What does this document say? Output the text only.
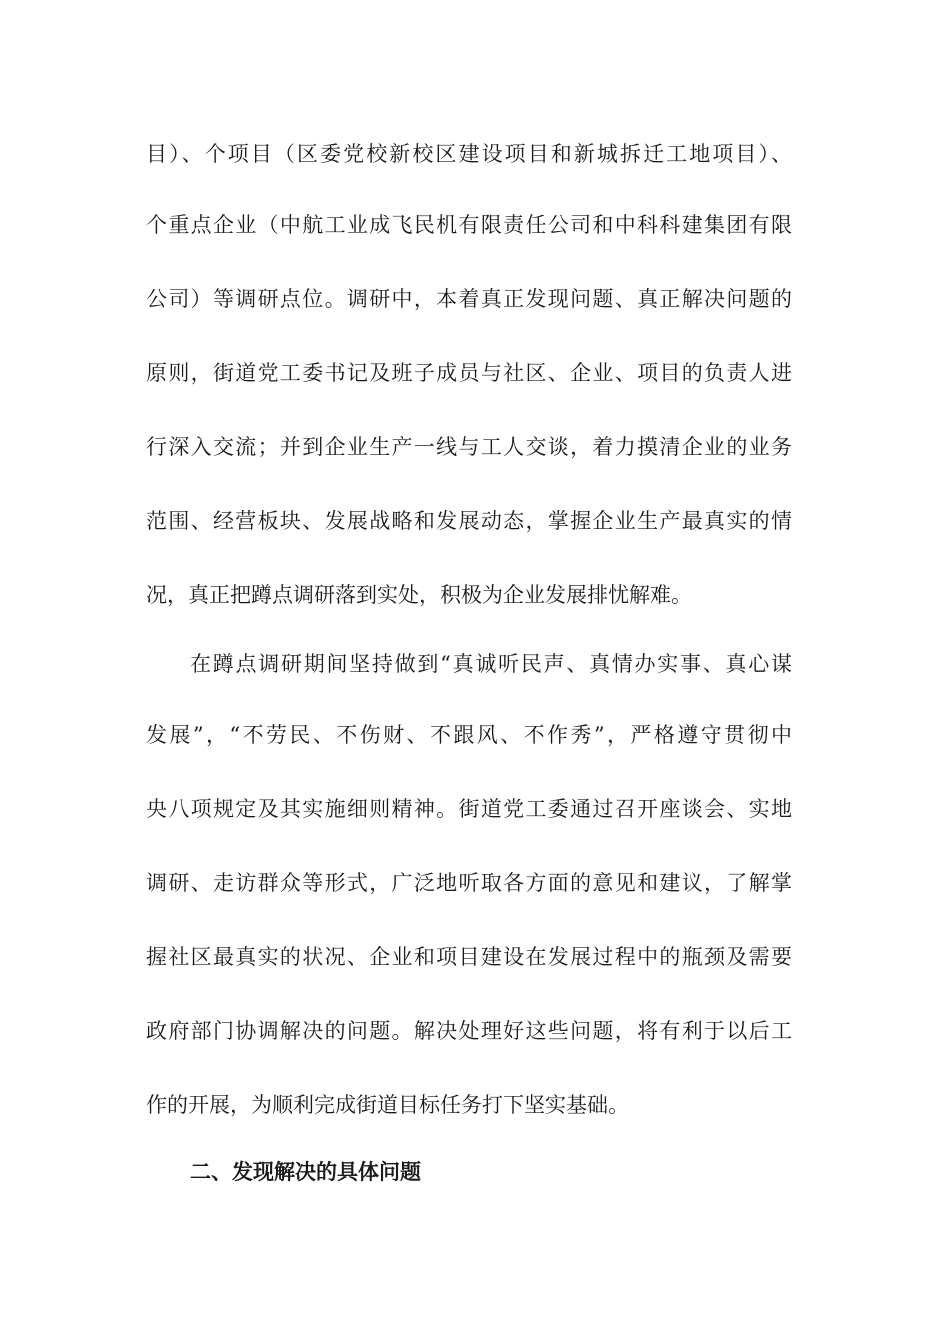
目）、个项目（区委党校新校区建设项目和新城拆迁工地项目）、
个重点企业（中航工业成飞民机有限责任公司和中科科建集团有限
公司）等调研点位。调研中，本着真正发现问题、真正解决问题的
原则，街道党工委书记及班子成员与社区、企业、项目的负责人进
行深入交流；并到企业生产一线与工人交谈，着力摸清企业的业务
范围、经营板块、发展战略和发展动态，掌握企业生产最真实的情
况，真正把蹲点调研落到实处，积极为企业发展排忧解难。
在蹲点调研期间坚持做到“真诚听民声、真情办实事、真心谋
发展”，“不劳民、不伤财、不跟风、不作秀”，严格遵守贯彻中
央八项规定及其实施细则精神。街道党工委通过召开座谈会、实地
调研、走访群众等形式，广泛地听取各方面的意见和建议，了解掌
握社区最真实的状况、企业和项目建设在发展过程中的瓶颈及需要
政府部门协调解决的问题。解决处理好这些问题，将有利于以后工
作的开展，为顺利完成街道目标任务打下坚实基础。
二、发现解决的具体问题
